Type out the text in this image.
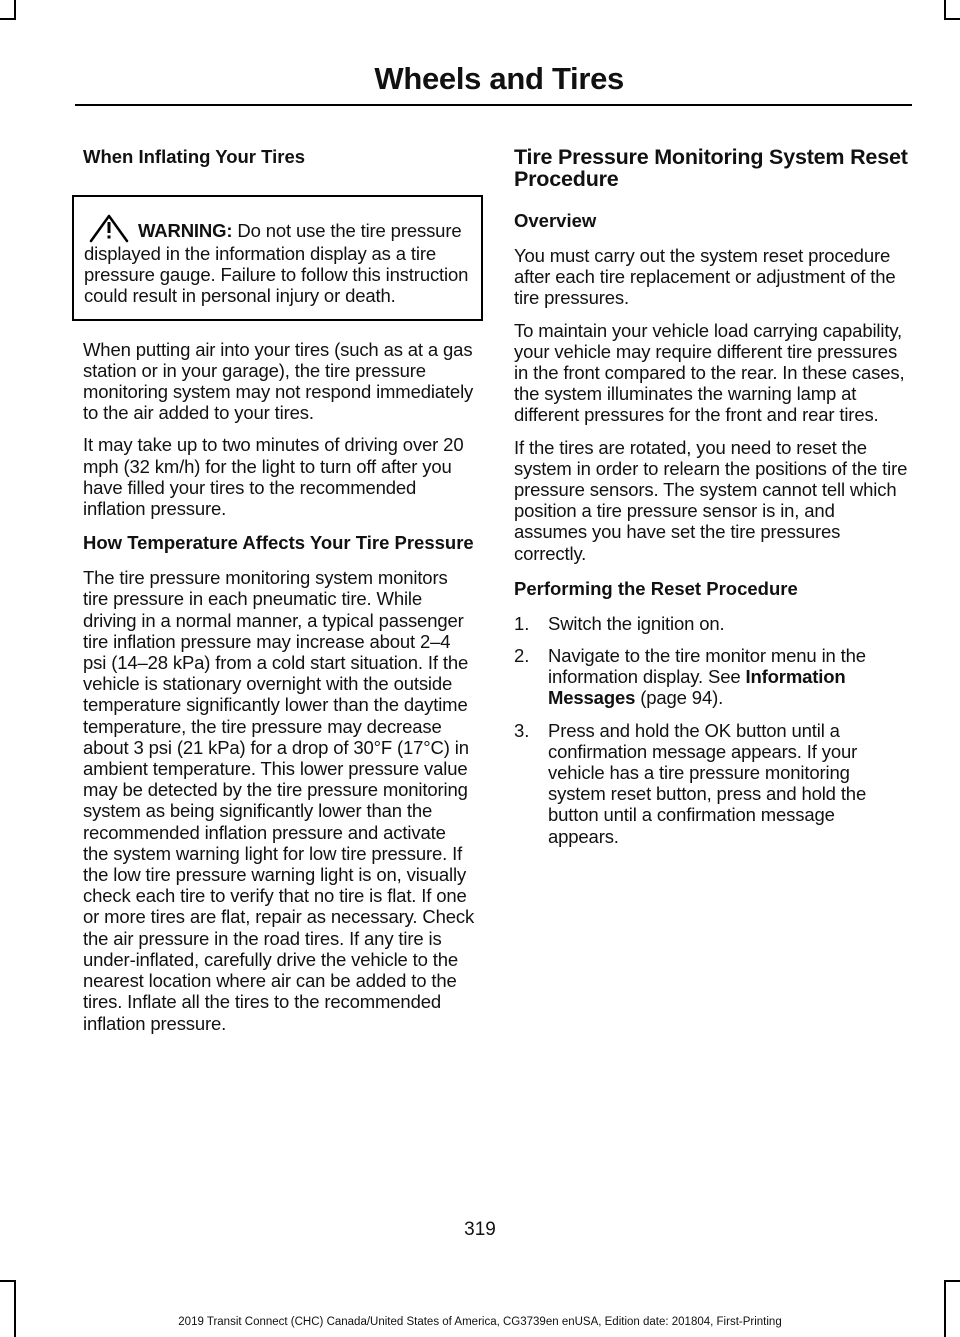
Wheels and Tires
When Inflating Your Tires

WARNING: Do not use the tire pressure displayed in the information display as a tire pressure gauge. Failure to follow this instruction could result in personal injury or death.

When putting air into your tires (such as at a gas station or in your garage), the tire pressure monitoring system may not respond immediately to the air added to your tires.

It may take up to two minutes of driving over 20 mph (32 km/h) for the light to turn off after you have filled your tires to the recommended inflation pressure.

How Temperature Affects Your Tire Pressure

The tire pressure monitoring system monitors tire pressure in each pneumatic tire. While driving in a normal manner, a typical passenger tire inflation pressure may increase about 2–4 psi (14–28 kPa) from a cold start situation. If the vehicle is stationary overnight with the outside temperature significantly lower than the daytime temperature, the tire pressure may decrease about 3 psi (21 kPa) for a drop of 30°F (17°C) in ambient temperature. This lower pressure value may be detected by the tire pressure monitoring system as being significantly lower than the recommended inflation pressure and activate the system warning light for low tire pressure. If the low tire pressure warning light is on, visually check each tire to verify that no tire is flat. If one or more tires are flat, repair as necessary. Check the air pressure in the road tires. If any tire is under-inflated, carefully drive the vehicle to the nearest location where air can be added to the tires. Inflate all the tires to the recommended inflation pressure.

Tire Pressure Monitoring System Reset Procedure
Overview

You must carry out the system reset procedure after each tire replacement or adjustment of the tire pressures.

To maintain your vehicle load carrying capability, your vehicle may require different tire pressures in the front compared to the rear. In these cases, the system illuminates the warning lamp at different pressures for the front and rear tires.

If the tires are rotated, you need to reset the system in order to relearn the positions of the tire pressure sensors. The system cannot tell which position a tire pressure sensor is in, and assumes you have set the tire pressures correctly.

Performing the Reset Procedure
1.	Switch the ignition on.
2.	Navigate to the tire monitor menu in the information display. See Information Messages (page 94).
3.	Press and hold the OK button until a confirmation message appears. If your vehicle has a tire pressure monitoring system reset button, press and hold the button until a confirmation message appears.
319
2019 Transit Connect (CHC) Canada/United States of America, CG3739en enUSA, Edition date: 201804, First-Printing
